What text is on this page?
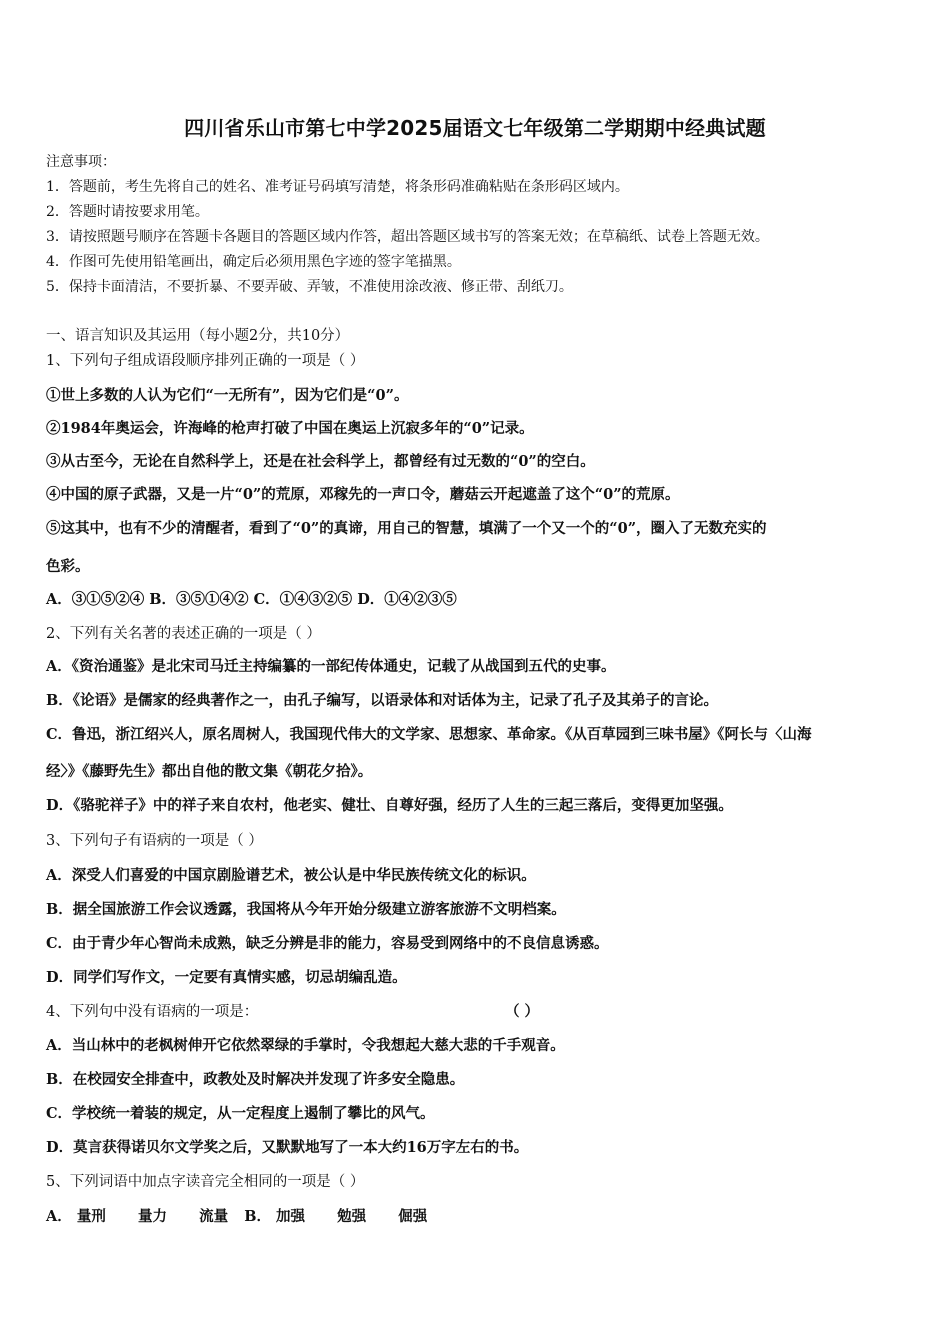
四川省乐山市第七中学2025届语文七年级第二学期期中经典试题
注意事项：
1．答题前，考生先将自己的姓名、准考证号码填写清楚，将条形码准确粘贴在条形码区域内。
2．答题时请按要求用笔。
3．请按照题号顺序在答题卡各题目的答题区域内作答，超出答题区域书写的答案无效；在草稿纸、试卷上答题无效。
4．作图可先使用铅笔画出，确定后必须用黑色字迹的签字笔描黑。
5．保持卡面清洁，不要折暴、不要弄破、弄皱，不准使用涂改液、修正带、刮纸刀。
一、语言知识及其运用（每小题2分，共10分）
1、下列句子组成语段顺序排列正确的一项是（ ）
①世上多数的人认为它们“一无所有”，因为它们是“0”。
②1984年奥运会，许海峰的枪声打破了中国在奥运上沉寂多年的“0”记录。
③从古至今，无论在自然科学上，还是在社会科学上，都曾经有过无数的“0”的空白。
④中国的原子武器，又是一片“0”的荒原，邓稼先的一声口令，蘑菇云开起遮盖了这个“0”的荒原。
⑤这其中，也有不少的清醒者，看到了“0”的真谛，用自己的智慧，填满了一个又一个的“0”，圈入了无数充实的
色彩。
A．③①⑤②④ B．③⑤①④② C．①④③②⑤ D．①④②③⑤
2、下列有关名著的表述正确的一项是（ ）
A．《资治通鉴》是北宋司马迁主持编纂的一部纪传体通史，记载了从战国到五代的史事。
B．《论语》是儒家的经典著作之一，由孔子编写，以语录体和对话体为主，记录了孔子及其弟子的言论。
C．鲁迅，浙江绍兴人，原名周树人，我国现代伟大的文学家、思想家、革命家。《从百草园到三味书屋》《阿长与〈山海
经〉》《藤野先生》都出自他的散文集《朝花夕拾》。
D．《骆驼祥子》中的祥子来自农村，他老实、健壮、自尊好强，经历了人生的三起三落后，变得更加坚强。
3、下列句子有语病的一项是（ ）
A．深受人们喜爱的中国京剧脸谱艺术，被公认是中华民族传统文化的标识。
B．据全国旅游工作会议透露，我国将从今年开始分级建立游客旅游不文明档案。
C．由于青少年心智尚未成熟，缺乏分辨是非的能力，容易受到网络中的不良信息诱惑。
D．同学们写作文，一定要有真情实感，切忌胡编乱造。
4、下列句中没有语病的一项是：	（ ）
A．当山林中的老枫树伸开它依然翠绿的手掌时，令我想起大慈大悲的千手观音。
B．在校园安全排查中，政教处及时解决并发现了许多安全隐患。
C．学校统一着装的规定，从一定程度上遏制了攀比的风气。
D．莫言获得诺贝尔文学奖之后，又默默地写了一本大约16万字左右的书。
5、下列词语中加点字读音完全相同的一项是（ ）
A． 量刑 量力 流量 B． 加强 勉强 倔强
